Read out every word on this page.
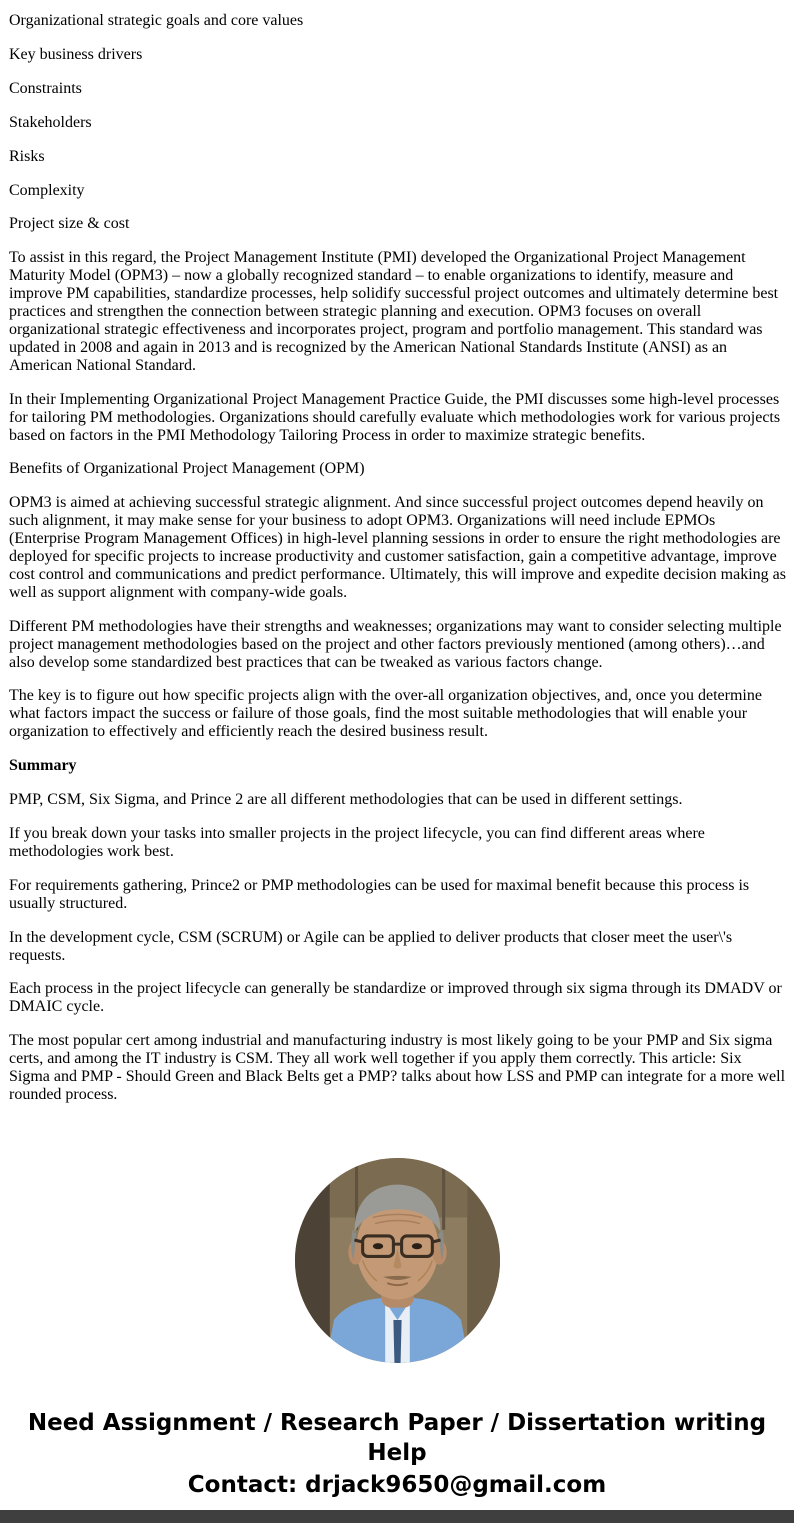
Organizational strategic goals and core values

Key business drivers

Constraints

Stakeholders

Risks

Complexity

Project size & cost

To assist in this regard, the Project Management Institute (PMI) developed the Organizational Project Management Maturity Model (OPM3) – now a globally recognized standard – to enable organizations to identify, measure and improve PM capabilities, standardize processes, help solidify successful project outcomes and ultimately determine best practices and strengthen the connection between strategic planning and execution. OPM3 focuses on overall organizational strategic effectiveness and incorporates project, program and portfolio management. This standard was updated in 2008 and again in 2013 and is recognized by the American National Standards Institute (ANSI) as an American National Standard.

In their Implementing Organizational Project Management Practice Guide, the PMI discusses some high-level processes for tailoring PM methodologies. Organizations should carefully evaluate which methodologies work for various projects based on factors in the PMI Methodology Tailoring Process in order to maximize strategic benefits.

Benefits of Organizational Project Management (OPM)

OPM3 is aimed at achieving successful strategic alignment. And since successful project outcomes depend heavily on such alignment, it may make sense for your business to adopt OPM3. Organizations will need include EPMOs (Enterprise Program Management Offices) in high-level planning sessions in order to ensure the right methodologies are deployed for specific projects to increase productivity and customer satisfaction, gain a competitive advantage, improve cost control and communications and predict performance. Ultimately, this will improve and expedite decision making as well as support alignment with company-wide goals.

Different PM methodologies have their strengths and weaknesses; organizations may want to consider selecting multiple project management methodologies based on the project and other factors previously mentioned (among others)…and also develop some standardized best practices that can be tweaked as various factors change.

The key is to figure out how specific projects align with the over-all organization objectives, and, once you determine what factors impact the success or failure of those goals, find the most suitable methodologies that will enable your organization to effectively and efficiently reach the desired business result.

Summary

PMP, CSM, Six Sigma, and Prince 2 are all different methodologies that can be used in different settings.

If you break down your tasks into smaller projects in the project lifecycle, you can find different areas where methodologies work best.

For requirements gathering, Prince2 or PMP methodologies can be used for maximal benefit because this process is usually structured.

In the development cycle, CSM (SCRUM) or Agile can be applied to deliver products that closer meet the user\'s requests.

Each process in the project lifecycle can generally be standardize or improved through six sigma through its DMADV or DMAIC cycle.

The most popular cert among industrial and manufacturing industry is most likely going to be your PMP and Six sigma certs, and among the IT industry is CSM. They all work well together if you apply them correctly. This article: Six Sigma and PMP - Should Green and Black Belts get a PMP? talks about how LSS and PMP can integrate for a more well rounded process.

Need Assignment / Research Paper / Dissertation writing Help
Contact: drjack9650@gmail.com
